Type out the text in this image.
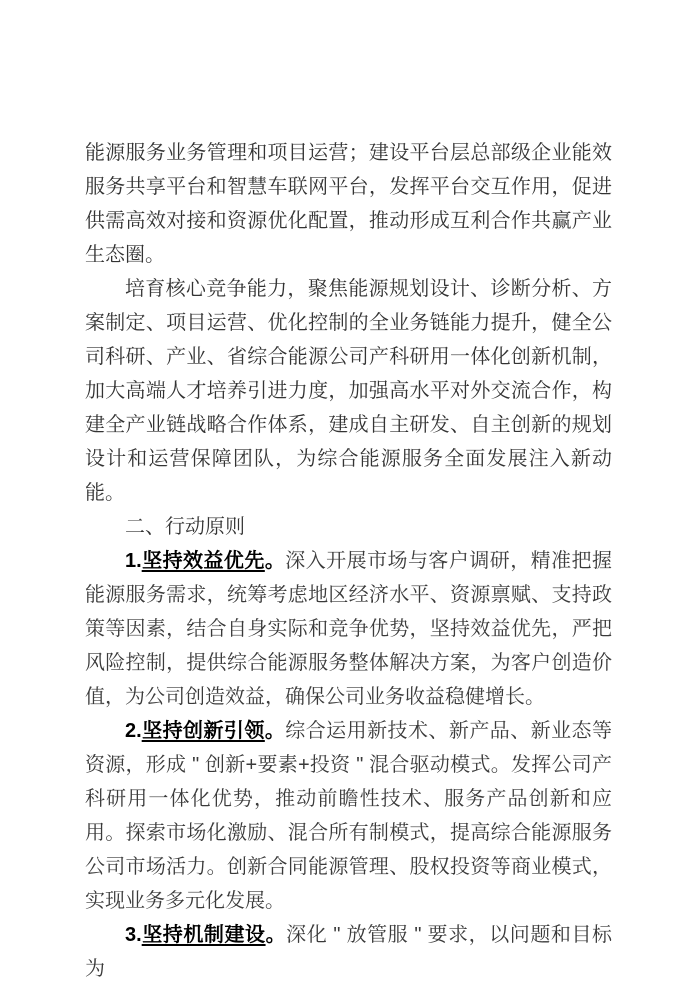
能源服务业务管理和项目运营；建设平台层总部级企业能效服务共享平台和智慧车联网平台，发挥平台交互作用，促进供需高效对接和资源优化配置，推动形成互利合作共赢产业生态圈。

培育核心竞争能力，聚焦能源规划设计、诊断分析、方案制定、项目运营、优化控制的全业务链能力提升，健全公司科研、产业、省综合能源公司产科研用一体化创新机制，加大高端人才培养引进力度，加强高水平对外交流合作，构建全产业链战略合作体系，建成自主研发、自主创新的规划设计和运营保障团队，为综合能源服务全面发展注入新动能。

二、行动原则

1.坚持效益优先。深入开展市场与客户调研，精准把握能源服务需求，统筹考虑地区经济水平、资源禀赋、支持政策等因素，结合自身实际和竞争优势，坚持效益优先，严把风险控制，提供综合能源服务整体解决方案，为客户创造价值，为公司创造效益，确保公司业务收益稳健增长。

2.坚持创新引领。综合运用新技术、新产品、新业态等资源，形成 " 创新+要素+投资 " 混合驱动模式。发挥公司产科研用一体化优势，推动前瞻性技术、服务产品创新和应用。探索市场化激励、混合所有制模式，提高综合能源服务公司市场活力。创新合同能源管理、股权投资等商业模式，实现业务多元化发展。

3.坚持机制建设。深化 " 放管服 " 要求，以问题和目标为
